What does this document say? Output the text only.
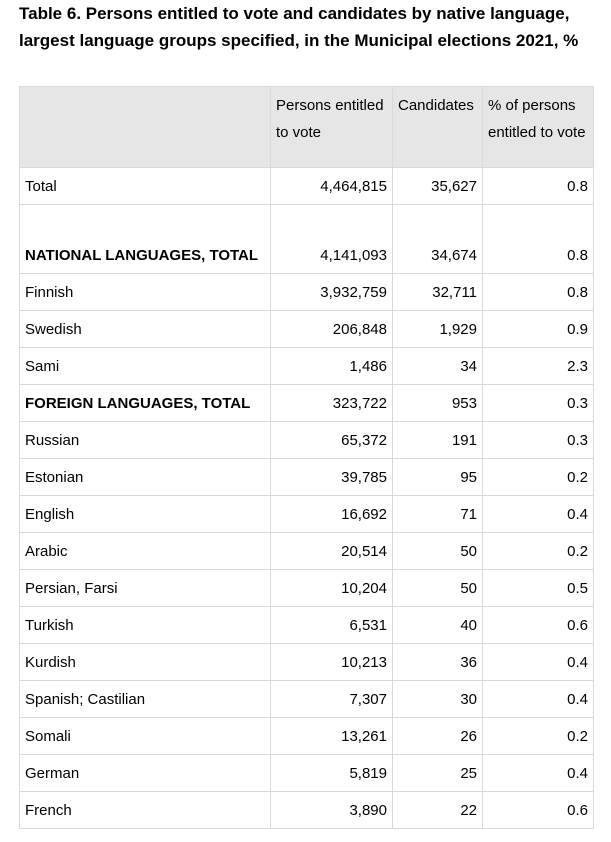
Table 6. Persons entitled to vote and candidates by native language, largest language groups specified, in the Municipal elections 2021, %
	Persons entitled to vote	Candidates	% of persons entitled to vote
Total	4,464,815	35,627	0.8
NATIONAL LANGUAGES, TOTAL	4,141,093	34,674	0.8
Finnish	3,932,759	32,711	0.8
Swedish	206,848	1,929	0.9
Sami	1,486	34	2.3
FOREIGN LANGUAGES, TOTAL	323,722	953	0.3
Russian	65,372	191	0.3
Estonian	39,785	95	0.2
English	16,692	71	0.4
Arabic	20,514	50	0.2
Persian, Farsi	10,204	50	0.5
Turkish	6,531	40	0.6
Kurdish	10,213	36	0.4
Spanish; Castilian	7,307	30	0.4
Somali	13,261	26	0.2
German	5,819	25	0.4
French	3,890	22	0.6
